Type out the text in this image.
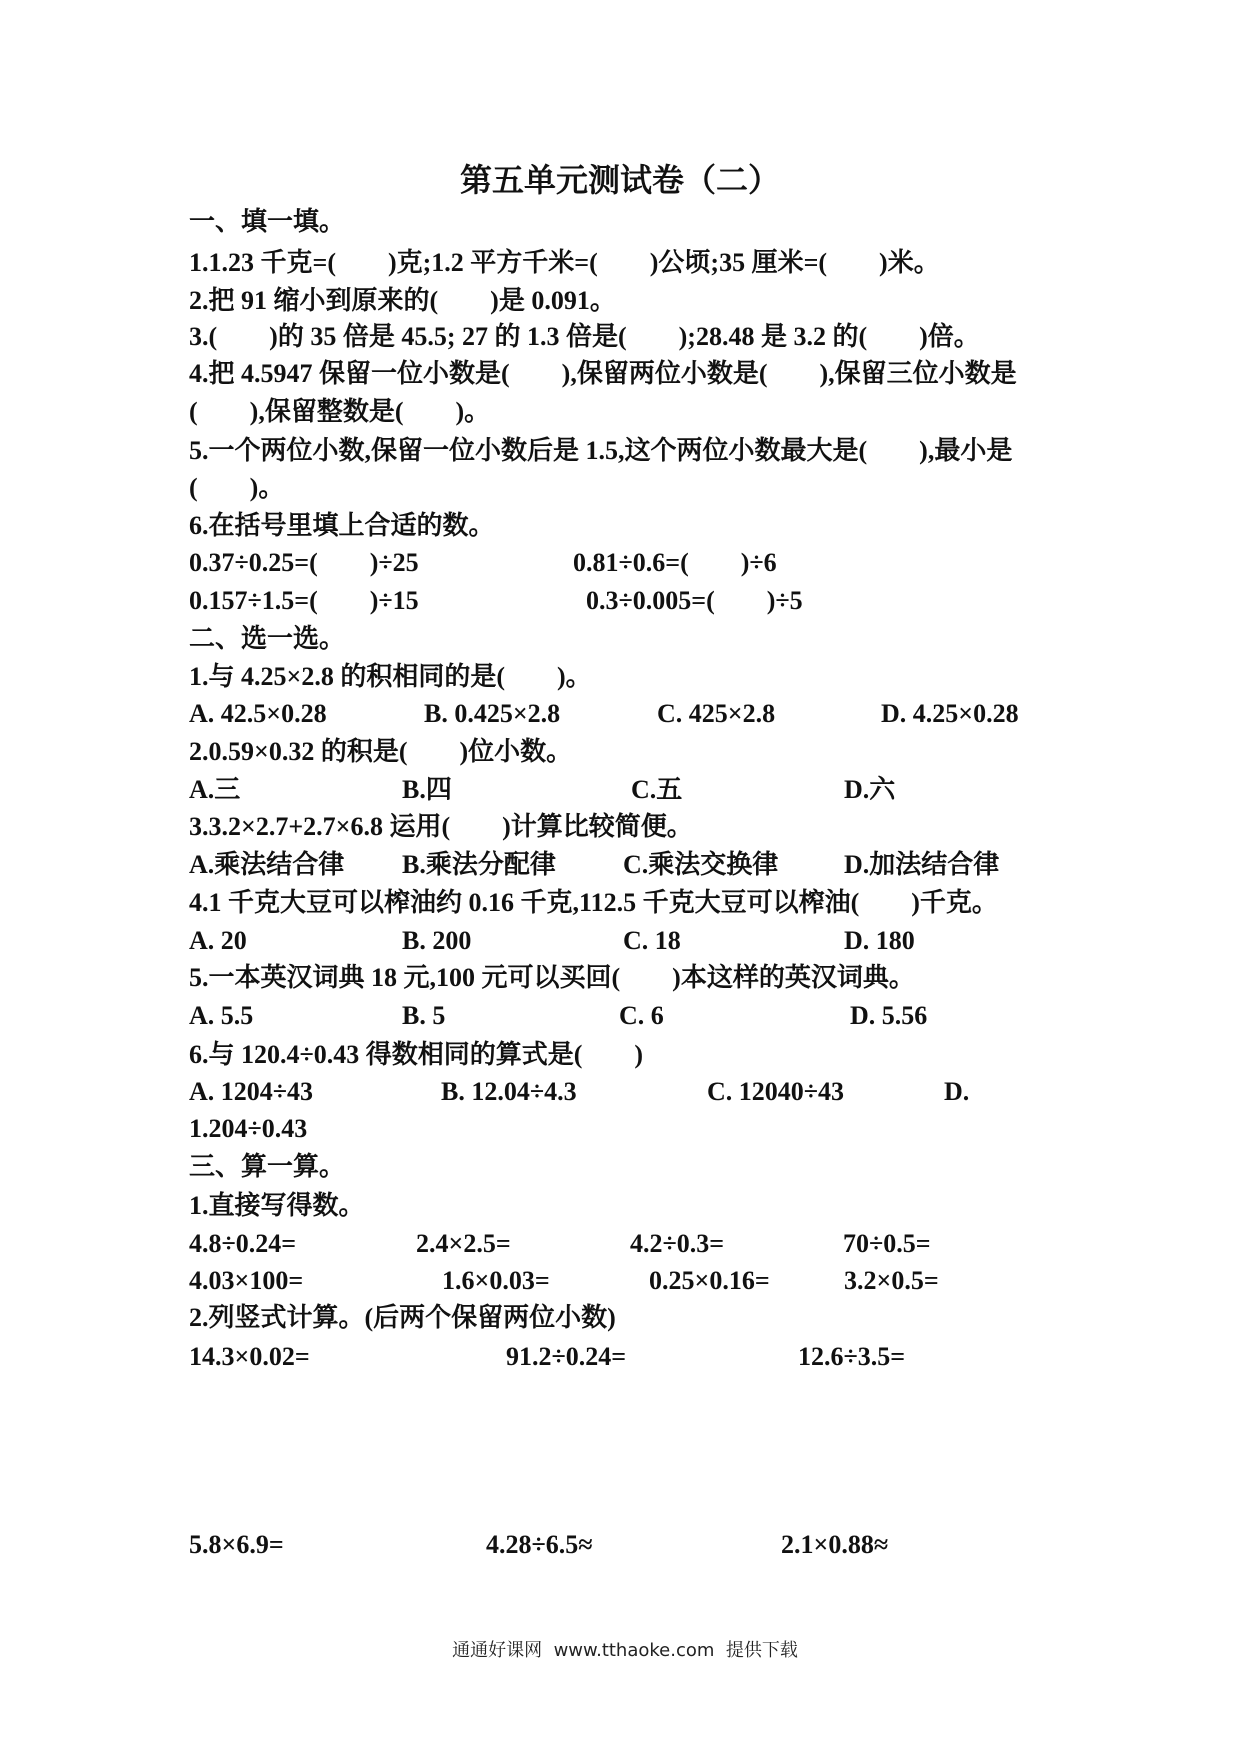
第五单元测试卷（二）
一、填一填。
1.1.23 千克=(        )克;1.2 平方千米=(        )公顷;35 厘米=(        )米。
2.把 91 缩小到原来的(        )是 0.091。
3.(        )的 35 倍是 45.5; 27 的 1.3 倍是(        );28.48 是 3.2 的(        )倍。
4.把 4.5947 保留一位小数是(        ),保留两位小数是(        ),保留三位小数是
(        ),保留整数是(        )。
5.一个两位小数,保留一位小数后是 1.5,这个两位小数最大是(        ),最小是
(        )。
6.在括号里填上合适的数。
0.37÷0.25=(        )÷25	0.81÷0.6=(        )÷6
0.157÷1.5=(        )÷15	0.3÷0.005=(        )÷5
二、选一选。
1.与 4.25×2.8 的积相同的是(        )。
A. 42.5×0.28	B. 0.425×2.8	C. 425×2.8	D. 4.25×0.28
2.0.59×0.32 的积是(        )位小数。
A.三	B.四	C.五	D.六
3.3.2×2.7+2.7×6.8 运用(        )计算比较简便。
A.乘法结合律 B.乘法分配律	C.乘法交换律	D.加法结合律
4.1 千克大豆可以榨油约 0.16 千克,112.5 千克大豆可以榨油(        )千克。
A. 20	B. 200	C. 18	D. 180
5.一本英汉词典 18 元,100 元可以买回(        )本这样的英汉词典。
A. 5.5	B. 5	C. 6	D. 5.56
6.与 120.4÷0.43 得数相同的算式是(        )
A. 1204÷43	B. 12.04÷4.3	C. 12040÷43	D.
1.204÷0.43
三、算一算。
1.直接写得数。
4.8÷0.24=	2.4×2.5=	4.2÷0.3=	70÷0.5=
4.03×100=	1.6×0.03=	0.25×0.16=	3.2×0.5=
2.列竖式计算。(后两个保留两位小数)
14.3×0.02=	91.2÷0.24=	12.6÷3.5=
5.8×6.9=	4.28÷6.5≈	2.1×0.88≈
通通好课网  www.tthaoke.com  提供下载
